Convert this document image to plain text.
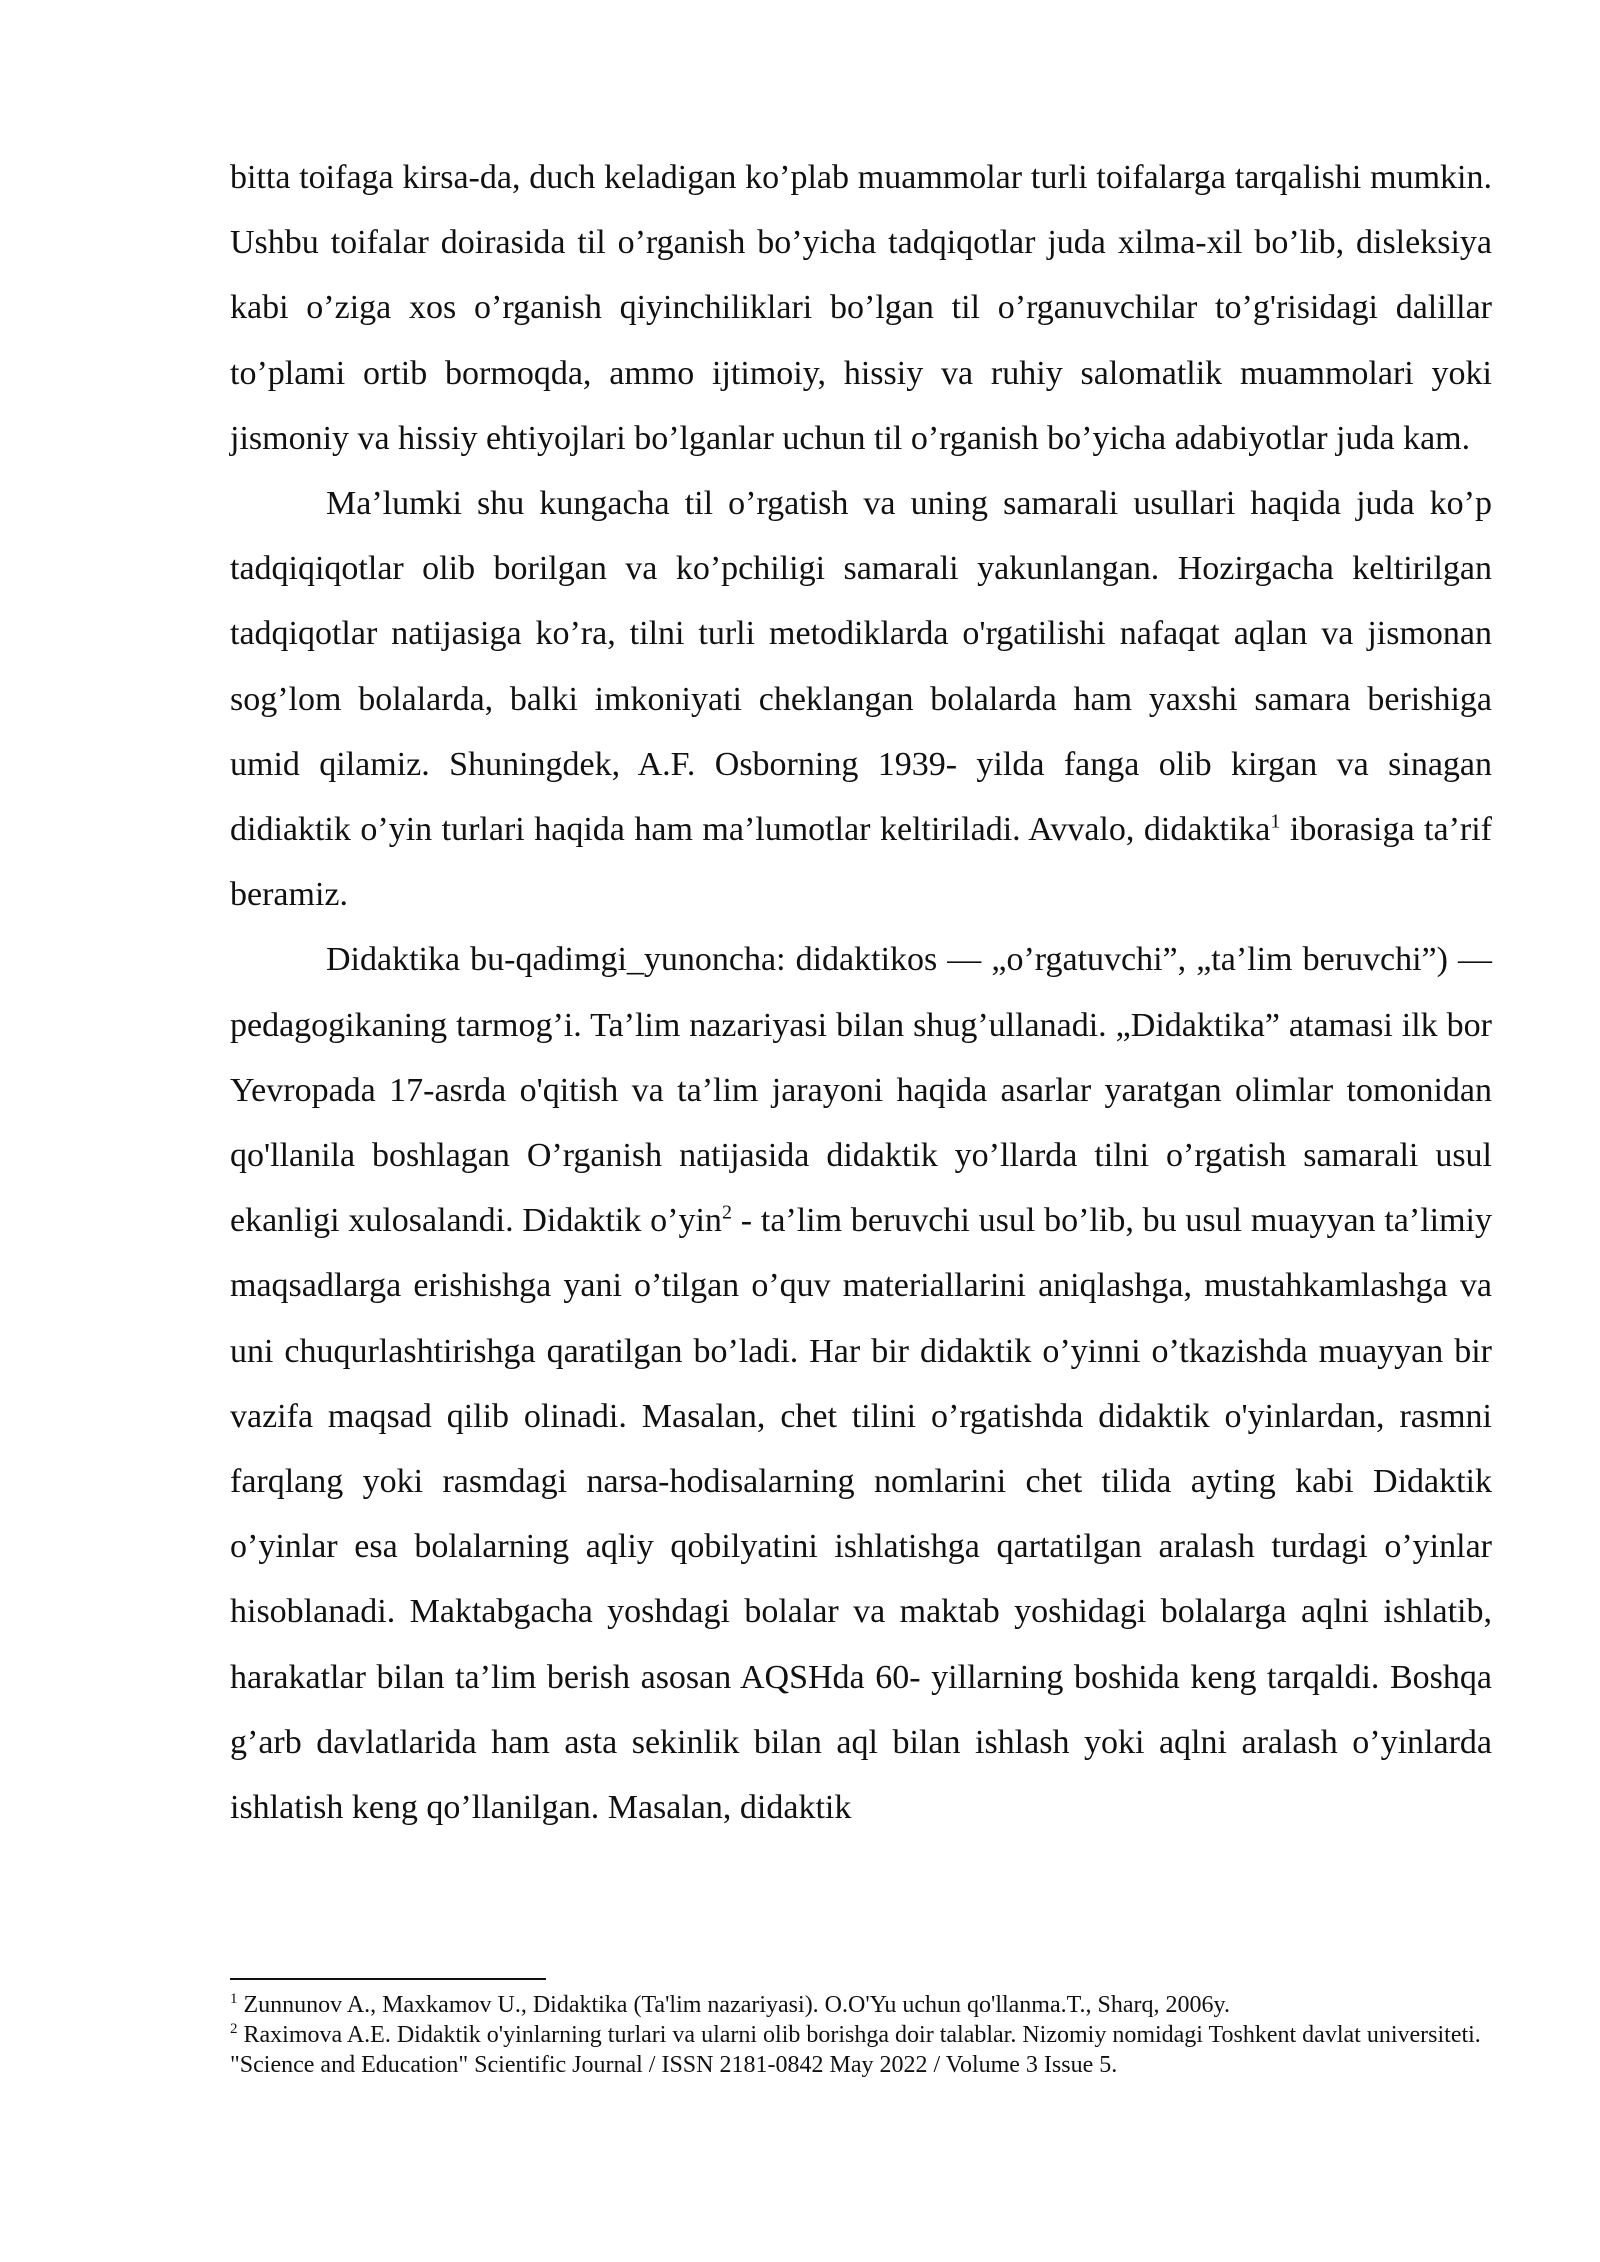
bitta toifaga kirsa-da, duch keladigan ko’plab muammolar turli toifalarga tarqalishi mumkin. Ushbu toifalar doirasida til o’rganish bo’yicha tadqiqotlar juda xilma-xil bo’lib, disleksiya kabi o’ziga xos o’rganish qiyinchiliklari bo’lgan til o’rganuvchilar to’g'risidagi dalillar to’plami ortib bormoqda, ammo ijtimoiy, hissiy va ruhiy salomatlik muammolari yoki jismoniy va hissiy ehtiyojlari bo’lganlar uchun til o’rganish bo’yicha adabiyotlar juda kam.

Ma’lumki shu kungacha til o’rgatish va uning samarali usullari haqida juda ko’p tadqiqiqotlar olib borilgan va ko’pchiligi samarali yakunlangan. Hozirgacha keltirilgan tadqiqotlar natijasiga ko’ra, tilni turli metodiklarda o'rgatilishi nafaqat aqlan va jismonan sog’lom bolalarda, balki imkoniyati cheklangan bolalarda ham yaxshi samara berishiga umid qilamiz. Shuningdek, A.F. Osborning 1939- yilda fanga olib kirgan va sinagan didiaktik o’yin turlari haqida ham ma’lumotlar keltiriladi. Avvalo, didaktika$^1$ iborasiga ta’rif beramiz.

Didaktika bu-qadimgi_yunoncha: didaktikos — „o’rgatuvchi”, „ta’lim beruvchi”) — pedagogikaning tarmog’i. Ta’lim nazariyasi bilan shug’ullanadi. „Didaktika” atamasi ilk bor Yevropada 17-asrda o'qitish va ta’lim jarayoni haqida asarlar yaratgan olimlar tomonidan qo'llanila boshlagan O’rganish natijasida didaktik yo’llarda tilni o’rgatish samarali usul ekanligi xulosalandi. Didaktik o’yin$^2$ - ta’lim beruvchi usul bo’lib, bu usul muayyan ta’limiy maqsadlarga erishishga yani o’tilgan o’quv materiallarini aniqlashga, mustahkamlashga va uni chuqurlashtirishga qaratilgan bo’ladi. Har bir didaktik o’yinni o’tkazishda muayyan bir vazifa maqsad qilib olinadi. Masalan, chet tilini o’rgatishda didaktik o'yinlardan, rasmni farqlang yoki rasmdagi narsa-hodisalarning nomlarini chet tilida ayting kabi Didaktik o’yinlar esa bolalarning aqliy qobilyatini ishlatishga qartatilgan aralash turdagi o’yinlar hisoblanadi. Maktabgacha yoshdagi bolalar va maktab yoshidagi bolalarga aqlni ishlatib, harakatlar bilan ta’lim berish asosan AQSHda 60- yillarning boshida keng tarqaldi. Boshqa g’arb davlatlarida ham asta sekinlik bilan aql bilan ishlash yoki aqlni aralash o’yinlarda ishlatish keng qo’llanilgan. Masalan, didaktik

$^1$ Zunnunov A., Maxkamov U., Didaktika (Ta'lim nazariyasi). O.O'Yu uchun qo'llanma.T., Sharq, 2006y.

$^2$ Raximova A.E. Didaktik o'yinlarning turlari va ularni olib borishga doir talablar. Nizomiy nomidagi Toshkent davlat universiteti. "Science and Education" Scientific Journal / ISSN 2181-0842 May 2022 / Volume 3 Issue 5.
